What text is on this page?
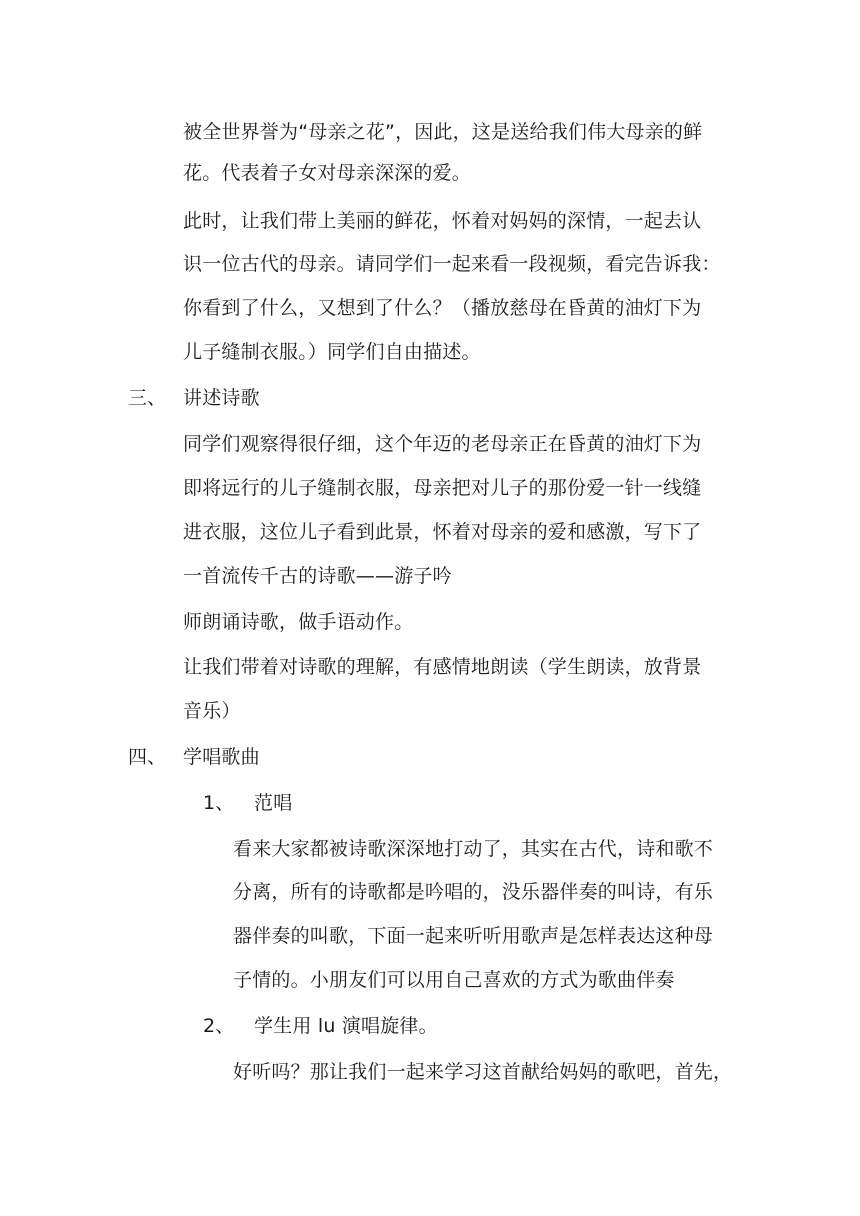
被全世界誉为“母亲之花”，因此，这是送给我们伟大母亲的鲜
花。代表着子女对母亲深深的爱。
此时，让我们带上美丽的鲜花，怀着对妈妈的深情，一起去认
识一位古代的母亲。请同学们一起来看一段视频，看完告诉我：
你看到了什么，又想到了什么？（播放慈母在昏黄的油灯下为
儿子缝制衣服。）同学们自由描述。
三、 讲述诗歌
同学们观察得很仔细，这个年迈的老母亲正在昏黄的油灯下为
即将远行的儿子缝制衣服，母亲把对儿子的那份爱一针一线缝
进衣服，这位儿子看到此景，怀着对母亲的爱和感激，写下了
一首流传千古的诗歌——游子吟
师朗诵诗歌，做手语动作。
让我们带着对诗歌的理解，有感情地朗读（学生朗读，放背景
音乐）
四、 学唱歌曲
1、 范唱
看来大家都被诗歌深深地打动了，其实在古代，诗和歌不
分离，所有的诗歌都是吟唱的，没乐器伴奏的叫诗，有乐
器伴奏的叫歌，下面一起来听听用歌声是怎样表达这种母
子情的。小朋友们可以用自己喜欢的方式为歌曲伴奏
2、 学生用 lu 演唱旋律。
好听吗？那让我们一起来学习这首献给妈妈的歌吧，首先，
